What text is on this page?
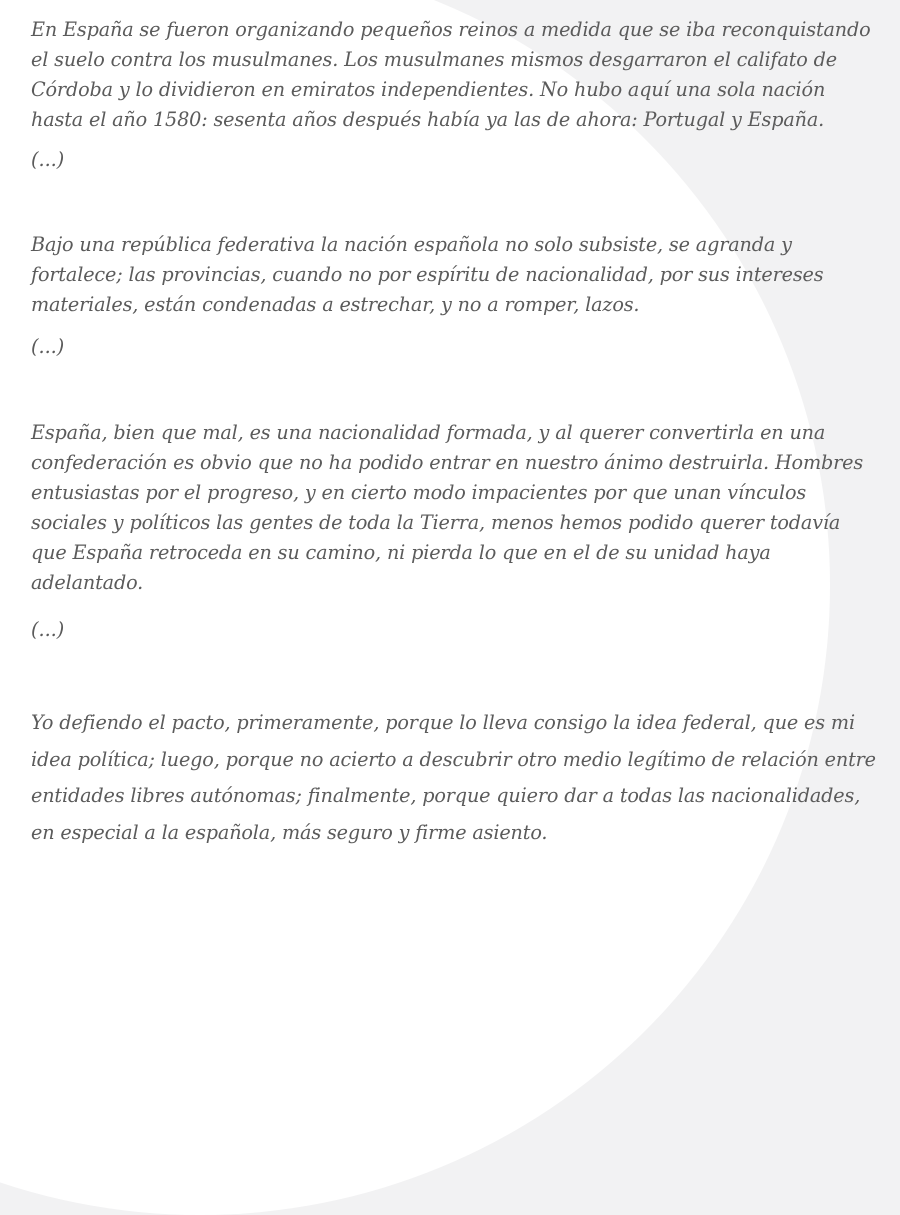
En España se fueron organizando pequeños reinos a medida que se iba reconquistando el suelo contra los musulmanes. Los musulmanes mismos desgarraron el califato de Córdoba y lo dividieron en emiratos independientes. No hubo aquí una sola nación hasta el año 1580: sesenta años después había ya las de ahora: Portugal y España.

(...)

Bajo una república federativa la nación española no solo subsiste, se agranda y fortalece; las provincias, cuando no por espíritu de nacionalidad, por sus intereses materiales, están condenadas a estrechar, y no a romper, lazos.

(...)

España, bien que mal, es una nacionalidad formada, y al querer convertirla en una confederación es obvio que no ha podido entrar en nuestro ánimo destruirla. Hombres entusiastas por el progreso, y en cierto modo impacientes por que unan vínculos sociales y políticos las gentes de toda la Tierra, menos hemos podido querer todavía que España retroceda en su camino, ni pierda lo que en el de su unidad haya adelantado.

(...)

Yo defiendo el pacto, primeramente, porque lo lleva consigo la idea federal, que es mi idea política; luego, porque no acierto a descubrir otro medio legítimo de relación entre entidades libres autónomas; finalmente, porque quiero dar a todas las nacionalidades, en especial a la española, más seguro y firme asiento.
